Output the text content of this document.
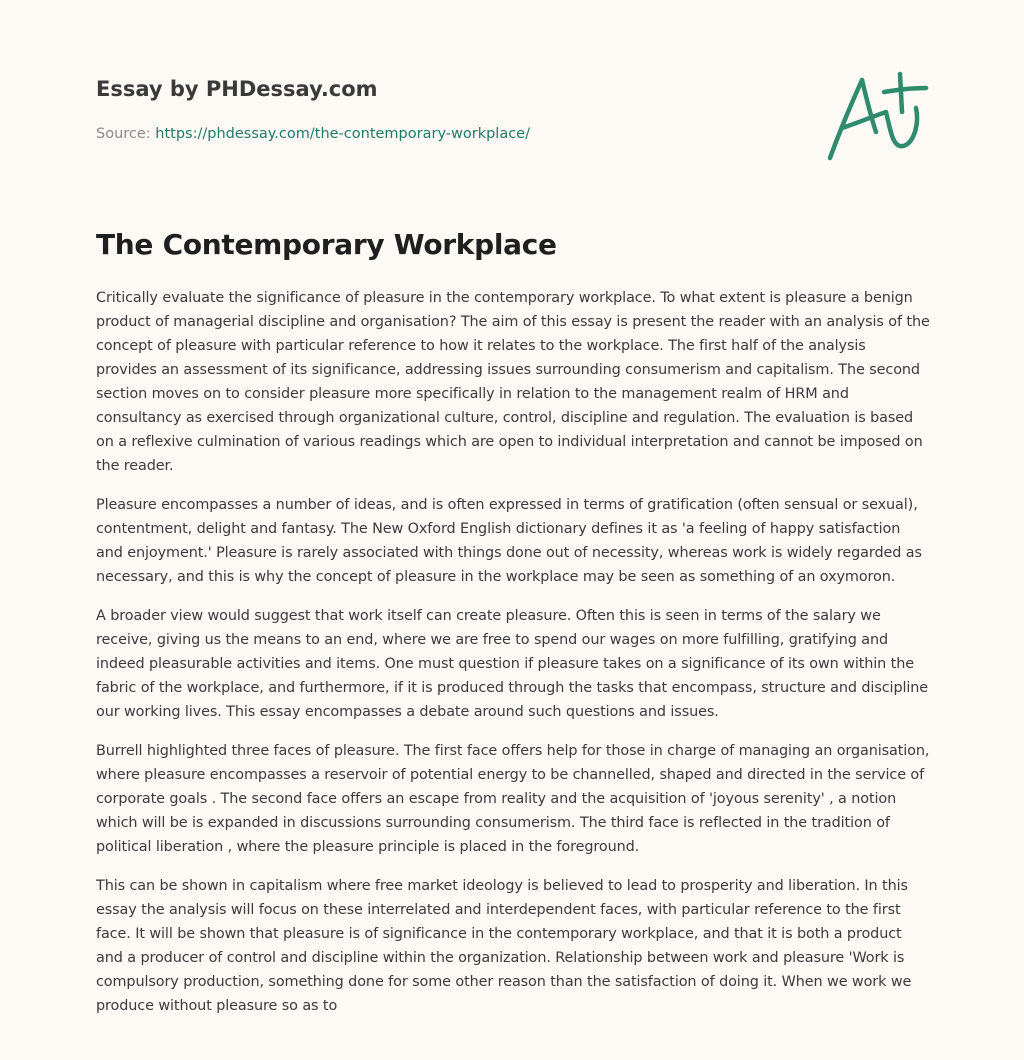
Essay by PHDessay.com
Source: https://phdessay.com/the-contemporary-workplace/
The Contemporary Workplace

Critically evaluate the significance of pleasure in the contemporary workplace. To what extent is pleasure a benign product of managerial discipline and organisation? The aim of this essay is present the reader with an analysis of the concept of pleasure with particular reference to how it relates to the workplace. The first half of the analysis provides an assessment of its significance, addressing issues surrounding consumerism and capitalism. The second section moves on to consider pleasure more specifically in relation to the management realm of HRM and consultancy as exercised through organizational culture, control, discipline and regulation. The evaluation is based on a reflexive culmination of various readings which are open to individual interpretation and cannot be imposed on the reader.

Pleasure encompasses a number of ideas, and is often expressed in terms of gratification (often sensual or sexual), contentment, delight and fantasy. The New Oxford English dictionary defines it as 'a feeling of happy satisfaction and enjoyment.' Pleasure is rarely associated with things done out of necessity, whereas work is widely regarded as necessary, and this is why the concept of pleasure in the workplace may be seen as something of an oxymoron.

A broader view would suggest that work itself can create pleasure. Often this is seen in terms of the salary we receive, giving us the means to an end, where we are free to spend our wages on more fulfilling, gratifying and indeed pleasurable activities and items. One must question if pleasure takes on a significance of its own within the fabric of the workplace, and furthermore, if it is produced through the tasks that encompass, structure and discipline our working lives. This essay encompasses a debate around such questions and issues.

Burrell highlighted three faces of pleasure. The first face offers help for those in charge of managing an organisation, where pleasure encompasses a reservoir of potential energy to be channelled, shaped and directed in the service of corporate goals . The second face offers an escape from reality and the acquisition of 'joyous serenity' , a notion which will be is expanded in discussions surrounding consumerism. The third face is reflected in the tradition of political liberation , where the pleasure principle is placed in the foreground.

This can be shown in capitalism where free market ideology is believed to lead to prosperity and liberation. In this essay the analysis will focus on these interrelated and interdependent faces, with particular reference to the first face. It will be shown that pleasure is of significance in the contemporary workplace, and that it is both a product and a producer of control and discipline within the organization. Relationship between work and pleasure 'Work is compulsory production, something done for some other reason than the satisfaction of doing it. When we work we produce without pleasure so as to
